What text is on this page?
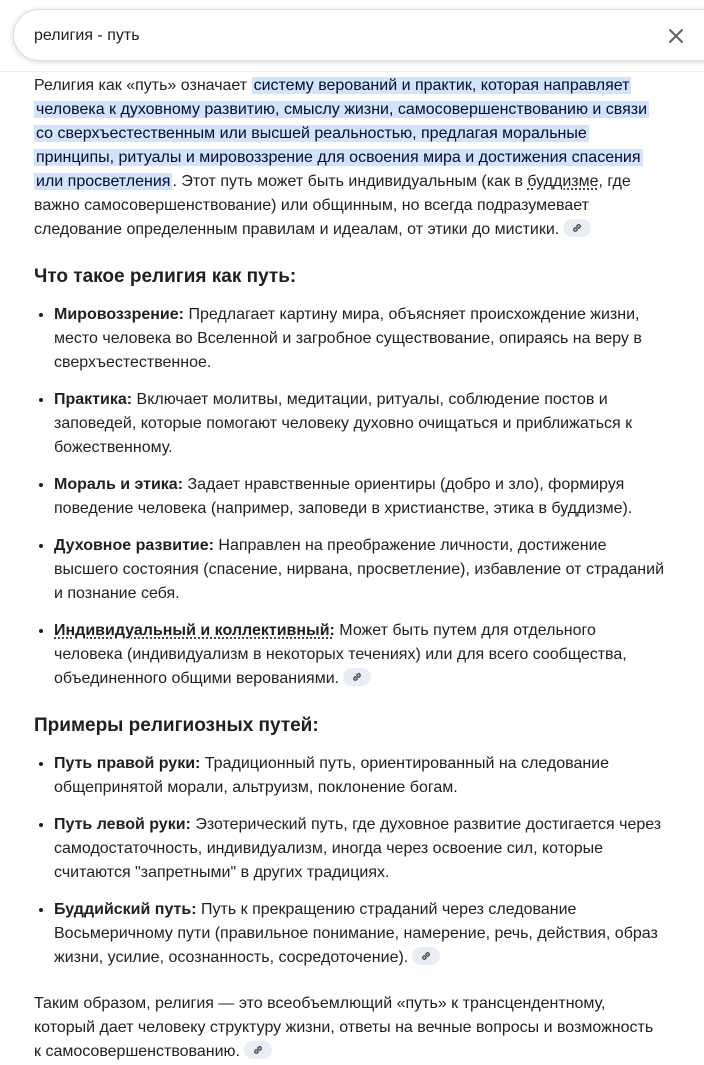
религия - путь

Религия как «путь» означает систему верований и практик, которая направляет человека к духовному развитию, смыслу жизни, самосовершенствованию и связи со сверхъестественным или высшей реальностью, предлагая моральные принципы, ритуалы и мировоззрение для освоения мира и достижения спасения или просветления . Этот путь может быть индивидуальным (как в буддизме, где важно самосовершенствование) или общинным, но всегда подразумевает следование определенным правилам и идеалам, от этики до мистики.

Что такое религия как путь:
• Мировоззрение: Предлагает картину мира, объясняет происхождение жизни, место человека во Вселенной и загробное существование, опираясь на веру в сверхъестественное.
• Практика: Включает молитвы, медитации, ритуалы, соблюдение постов и заповедей, которые помогают человеку духовно очищаться и приближаться к божественному.
• Мораль и этика: Задает нравственные ориентиры (добро и зло), формируя поведение человека (например, заповеди в христианстве, этика в буддизме).
• Духовное развитие: Направлен на преображение личности, достижение высшего состояния (спасение, нирвана, просветление), избавление от страданий и познание себя.
• Индивидуальный и коллективный: Может быть путем для отдельного человека (индивидуализм в некоторых течениях) или для всего сообщества, объединенного общими верованиями.
Примеры религиозных путей:
• Путь правой руки: Традиционный путь, ориентированный на следование общепринятой морали, альтруизм, поклонение богам.
• Путь левой руки: Эзотерический путь, где духовное развитие достигается через самодостаточность, индивидуализм, иногда через освоение сил, которые считаются "запретными" в других традициях.
• Буддийский путь: Путь к прекращению страданий через следование Восьмеричному пути (правильное понимание, намерение, речь, действия, образ жизни, усилие, осознанность, сосредоточение).

Таким образом, религия — это всеобъемлющий «путь» к трансцендентному, который дает человеку структуру жизни, ответы на вечные вопросы и возможность к самосовершенствованию.
